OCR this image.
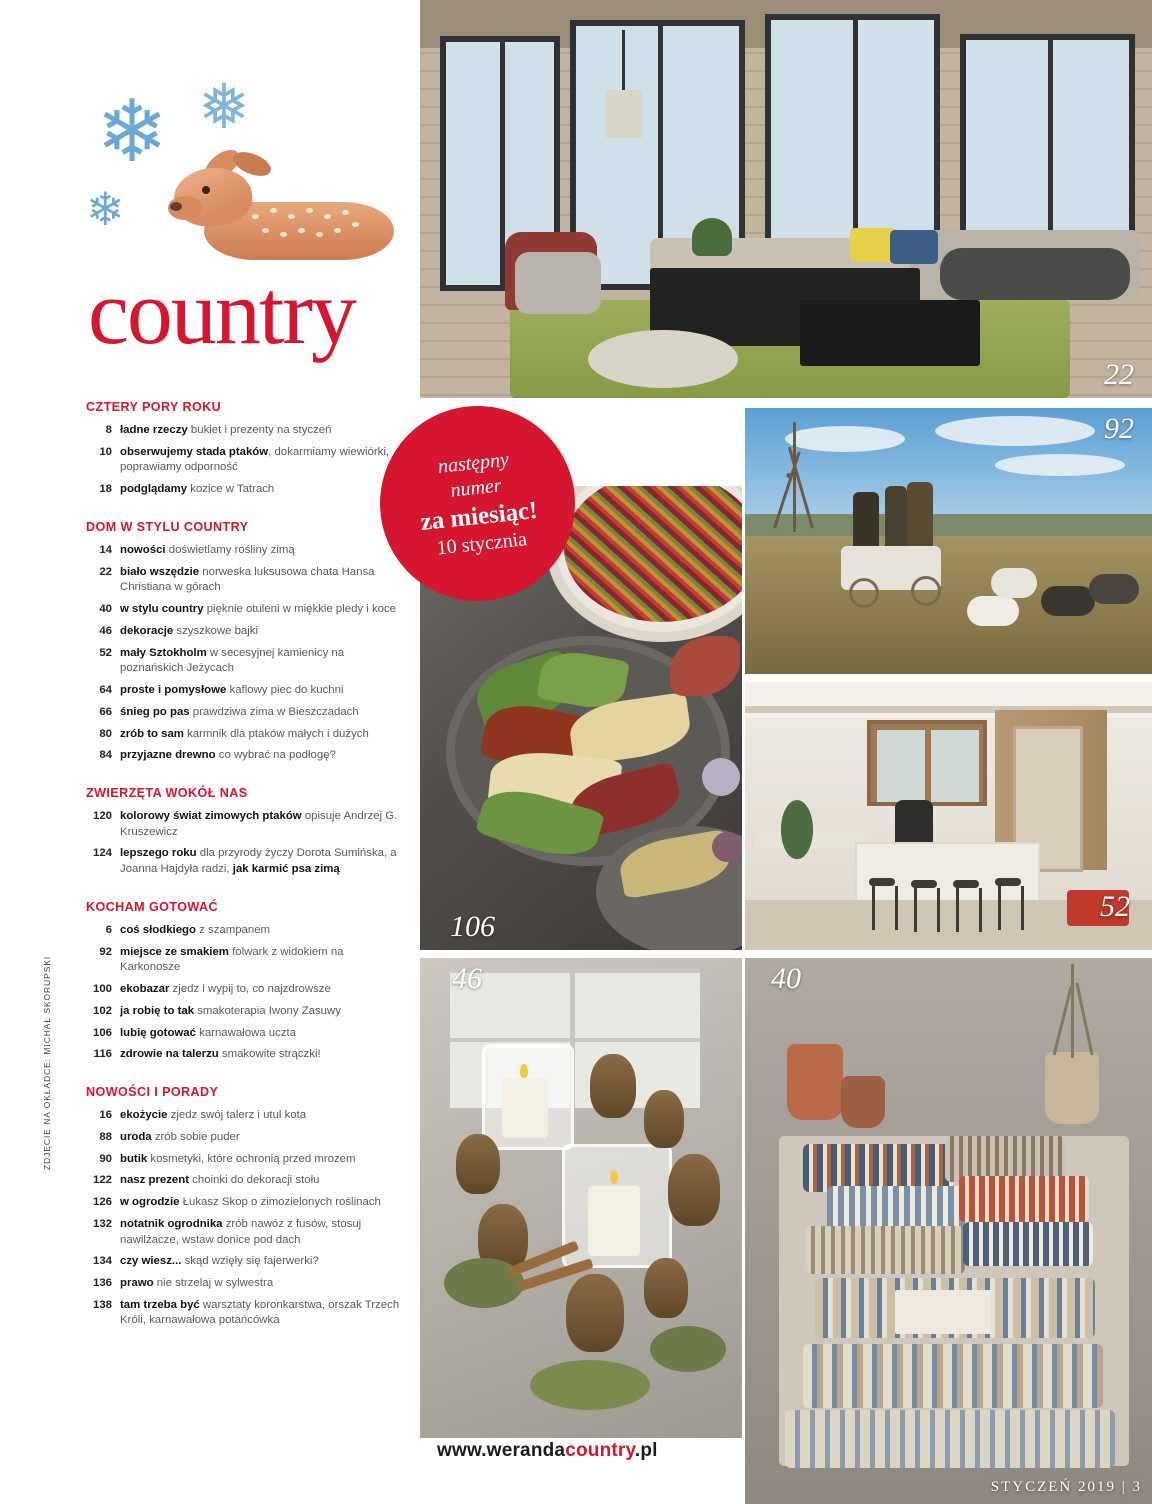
❄ ❅
❄
country
CZTERY PORY ROKU
8 ładne rzeczy bukiet i prezenty na styczeń
10 obserwujemy stada ptaków, dokarmiamy wiewiórki, poprawiamy odporność
18 podglądamy kozice w Tatrach
DOM W STYLU COUNTRY
14 nowości doświetlamy rośliny zimą
22 biało wszędzie norweska luksusowa chata Hansa Christiana w górach
40 w stylu country pięknie otuleni w miękkie pledy i koce
46 dekoracje szyszkowe bajki
52 mały Sztokholm w secesyjnej kamienicy na poznańskich Jeżycach
64 proste i pomysłowe kaflowy piec do kuchni
66 śnieg po pas prawdziwa zima w Bieszczadach
80 zrób to sam karmnik dla ptaków małych i dużych
84 przyjazne drewno co wybrać na podłogę?
ZWIERZĘTA WOKÓŁ NAS
120 kolorowy świat zimowych ptaków opisuje Andrzej G. Kruszewicz
124 lepszego roku dla przyrody życzy Dorota Sumińska, a Joanna Hajdyła radzi, jak karmić psa zimą
KOCHAM GOTOWAĆ
6 coś słodkiego z szampanem
92 miejsce ze smakiem folwark z widokiem na Karkonosze
100 ekobazar zjedz i wypij to, co najzdrowsze
102 ja robię to tak smakoterapia Iwony Zasuwy
106 lubię gotować karnawałowa uczta
116 zdrowie na talerzu smakowite strączki!
NOWOŚCI I PORADY
16 ekożycie zjedz swój talerz i utul kota
88 uroda zrób sobie puder
90 butik kosmetyki, które ochronią przed mrozem
122 nasz prezent choinki do dekoracji stołu
126 w ogrodzie Łukasz Skop o zimozielonych roślinach
132 notatnik ogrodnika zrób nawóz z fusów, stosuj nawilżacze, wstaw donice pod dach
134 czy wiesz... skąd wzięły się fajerwerki?
136 prawo nie strzelaj w sylwestra
138 tam trzeba być warsztaty koronkarstwa, orszak Trzech Króli, karnawałowa potańcówka
ZDJĘCIE NA OKŁADCE: MICHAŁ SKORUPSKI
następny
numer
za miesiąc!
10 stycznia
22
92
52
106
46	40
STYCZEŃ 2019 | 3
www.werandacountry.pl
